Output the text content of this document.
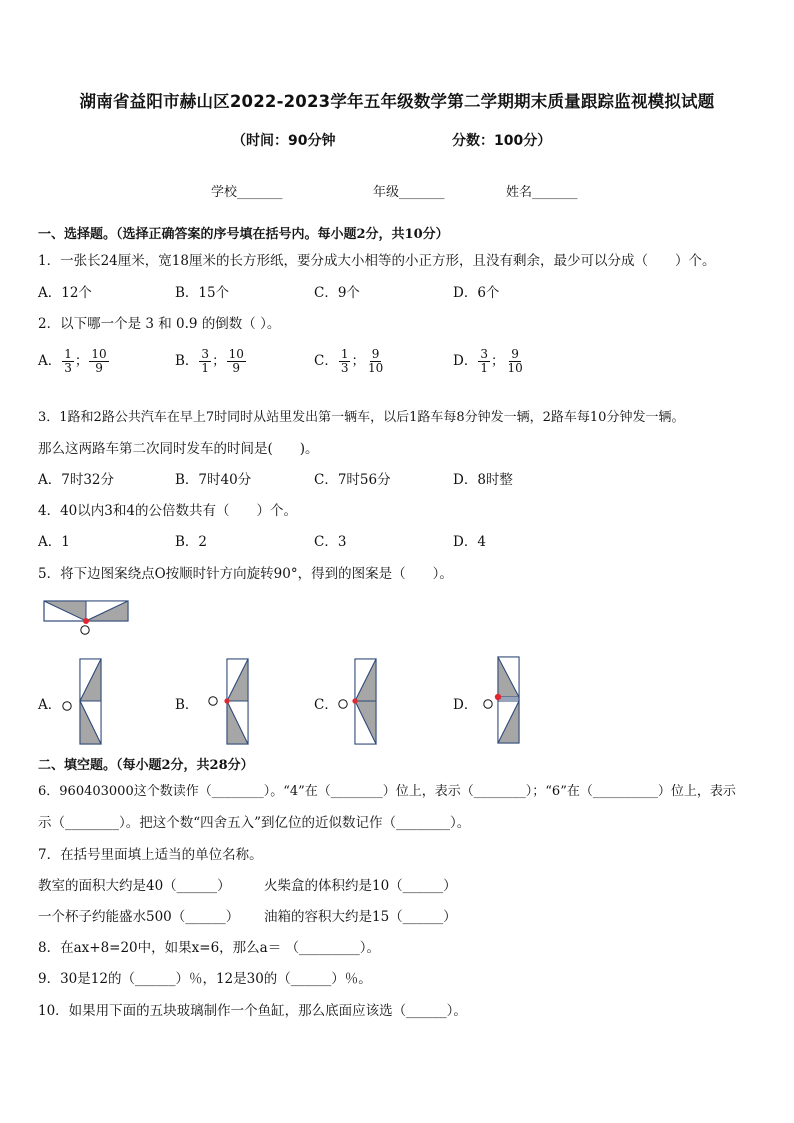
湖南省益阳市赫山区2022-2023学年五年级数学第二学期期末质量跟踪监视模拟试题
（时间：90分钟	分数：100分）
学校_______	年级_______	姓名_______
一、选择题。（选择正确答案的序号填在括号内。每小题2分，共10分）
1．一张长24厘米，宽18厘米的长方形纸，要分成大小相等的小正方形，且没有剩余，最少可以分成（　　）个。
A．12个	B．15个	C．9个	D．6个
2．以下哪一个是 3 和 0.9 的倒数（ ）。
A． $\frac{1}{3}$ ； $\frac{10}{9}$	B． $\frac{3}{1}$ ； $\frac{10}{9}$	C． $\frac{1}{3}$ ； $\frac{9}{10}$	D． $\frac{3}{1}$ ； $\frac{9}{10}$
3．1路和2路公共汽车在早上7时同时从站里发出第一辆车，以后1路车每8分钟发一辆，2路车每10分钟发一辆。
那么这两路车第二次同时发车的时间是(　　)。
A．7时32分	B．7时40分	C．7时56分	D．8时整
4．40以内3和4的公倍数共有（　　）个。
A．1	B．2	C．3	D．4
5．将下边图案绕点O按顺时针方向旋转90°，得到的图案是（　　）。
A．	B．	C．	D．
二、填空题。（每小题2分，共28分）
6．960403000这个数读作（________）。“4”在（________）位上，表示（________）；“6”在（__________）位上，表示
示（________）。把这个数“四舍五入”到亿位的近似数记作（________）。
7．在括号里面填上适当的单位名称。
教室的面积大约是40（______） 火柴盒的体积约是10（______）
一个杯子约能盛水500（______） 油箱的容积大约是15（______）
8．在ax+8=20中，如果x=6，那么a＝ （_________）。
9．30是12的（______）％，12是30的（______）％。
10．如果用下面的五块玻璃制作一个鱼缸，那么底面应该选（______）。
